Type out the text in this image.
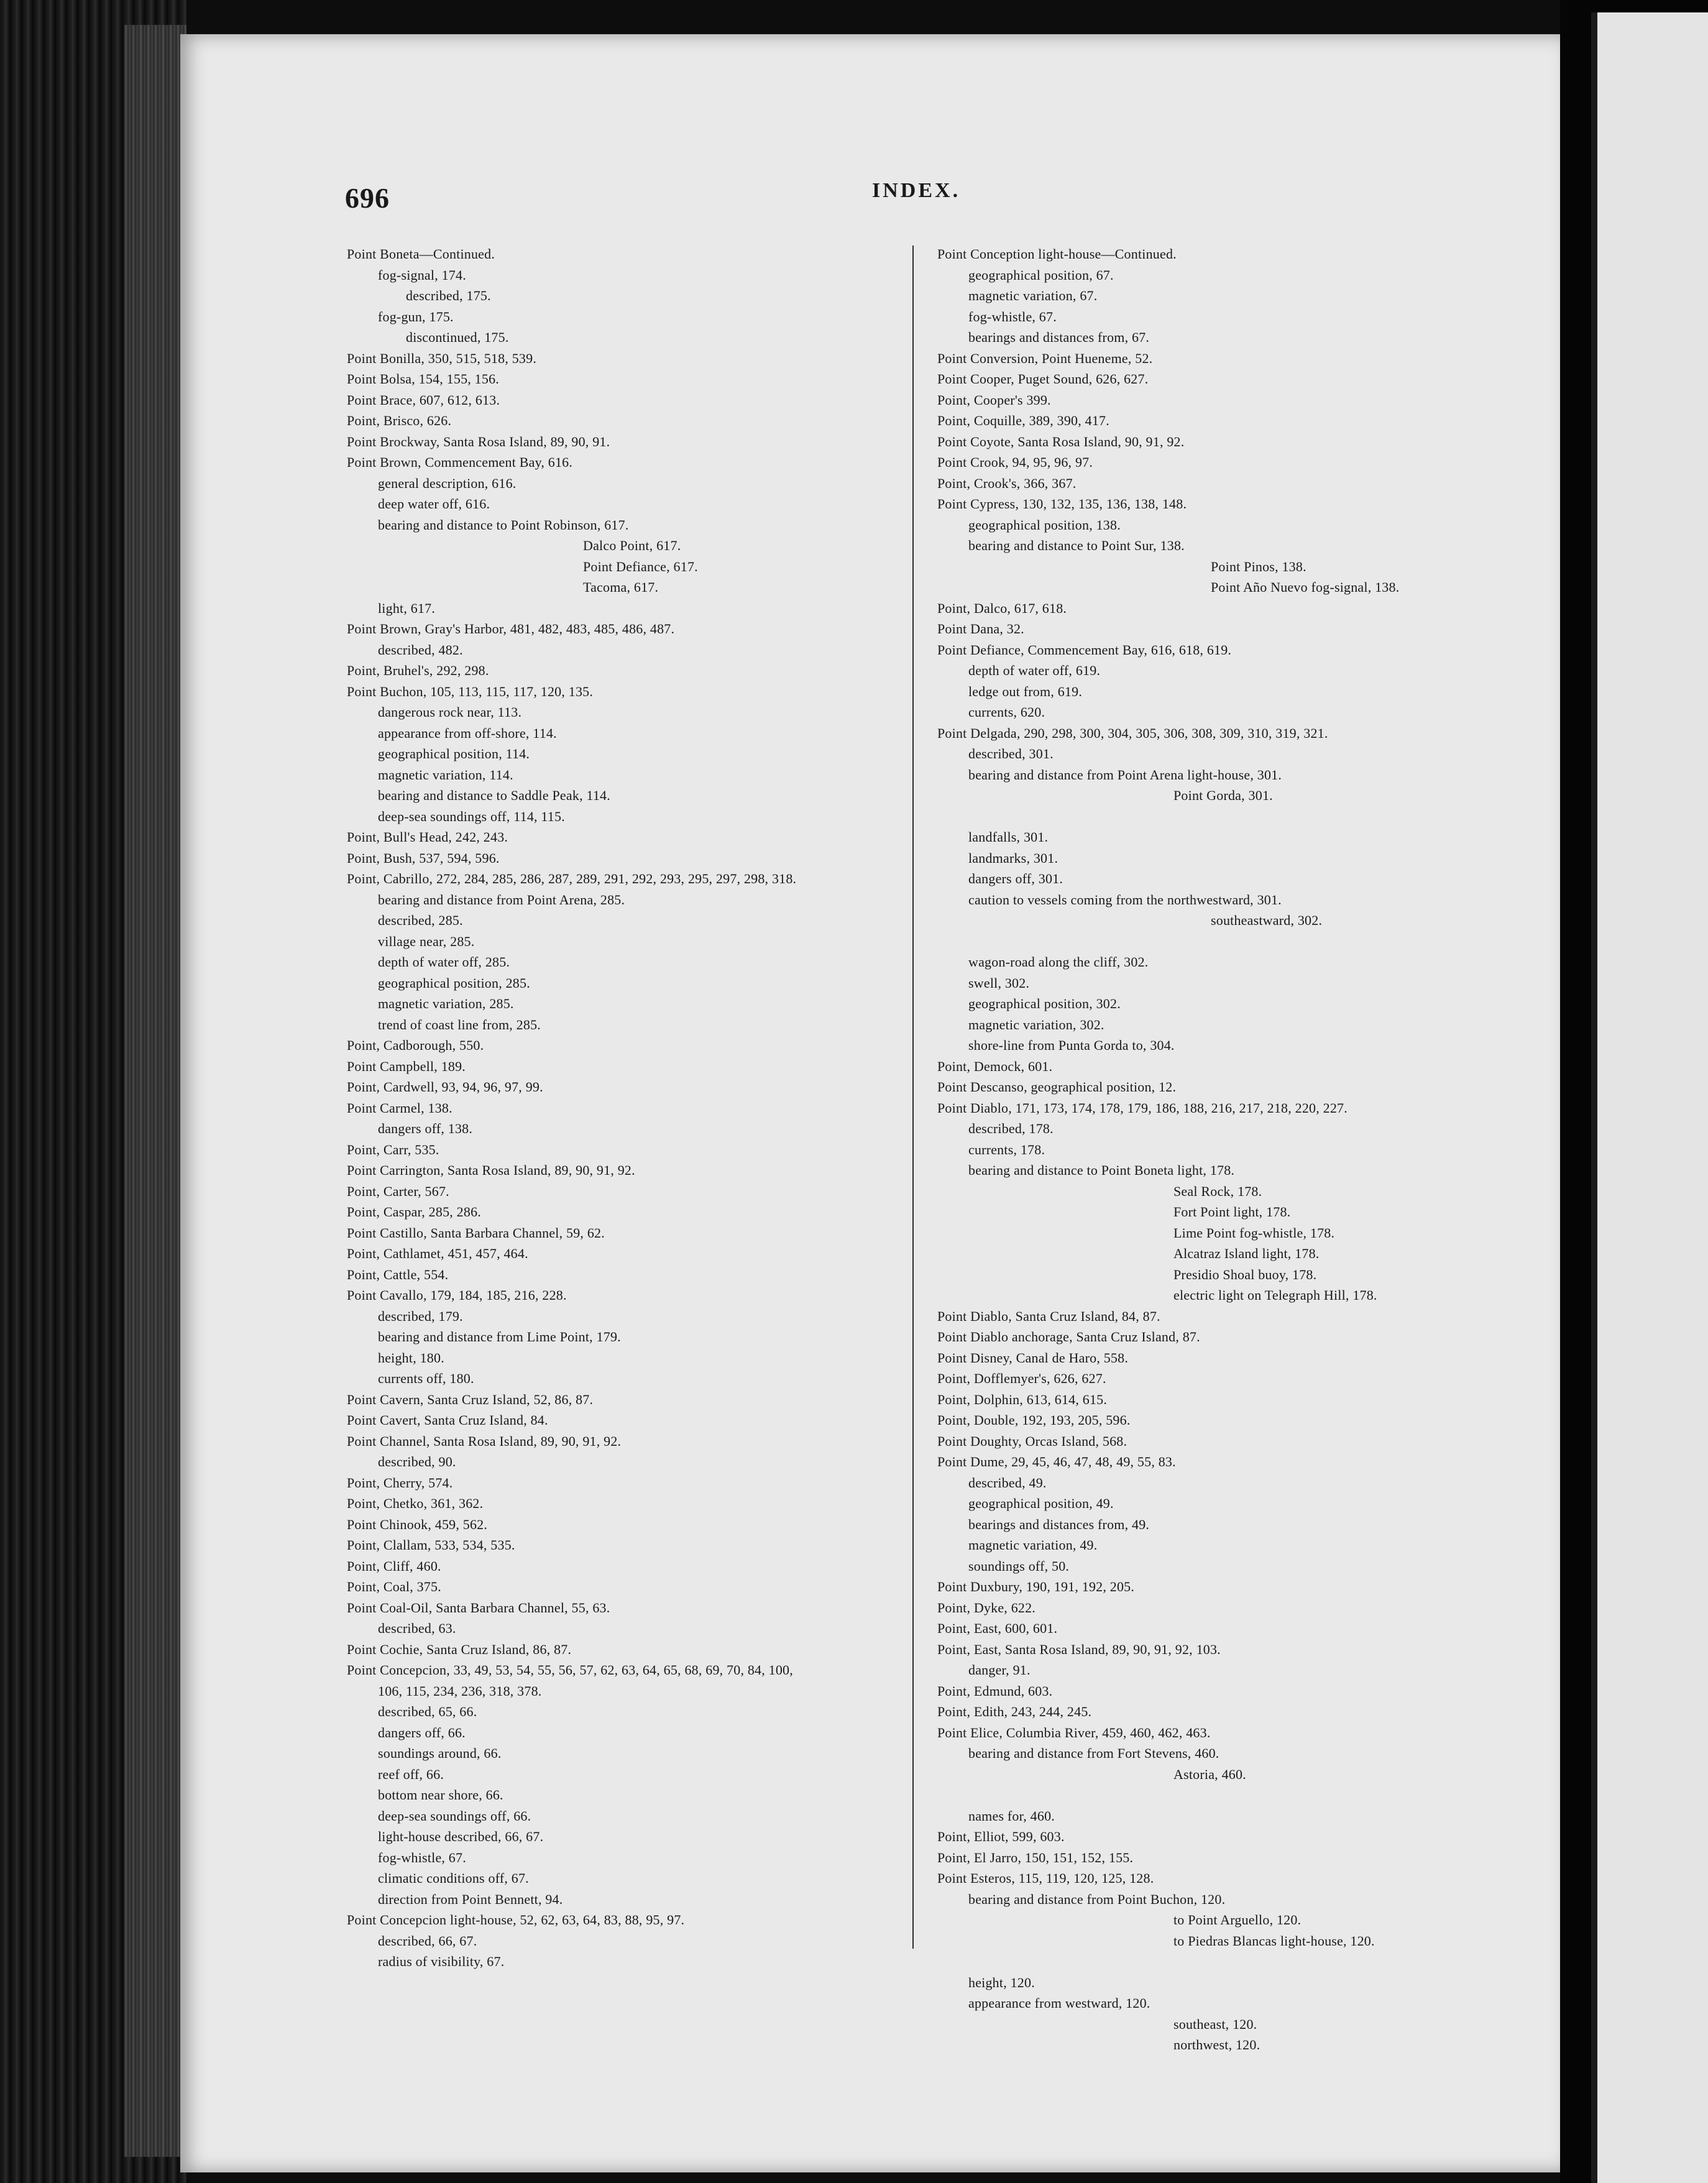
696	INDEX.
Point Boneta—Continued.
fog-signal, 174.
described, 175.
fog-gun, 175.
discontinued, 175.
Point Bonilla, 350, 515, 518, 539.
Point Bolsa, 154, 155, 156.
Point Brace, 607, 612, 613.
Point, Brisco, 626.
Point Brockway, Santa Rosa Island, 89, 90, 91.
Point Brown, Commencement Bay, 616.
general description, 616.
deep water off, 616.
bearing and distance to Point Robinson, 617.
Dalco Point, 617.
Point Defiance, 617.
Tacoma, 617.
light, 617.
Point Brown, Gray's Harbor, 481, 482, 483, 485, 486, 487.
described, 482.
Point, Bruhel's, 292, 298.
Point Buchon, 105, 113, 115, 117, 120, 135.
dangerous rock near, 113.
appearance from off-shore, 114.
geographical position, 114.
magnetic variation, 114.
bearing and distance to Saddle Peak, 114.
deep-sea soundings off, 114, 115.
Point, Bull's Head, 242, 243.
Point, Bush, 537, 594, 596.
Point, Cabrillo, 272, 284, 285, 286, 287, 289, 291, 292, 293, 295, 297, 298, 318.
bearing and distance from Point Arena, 285.
described, 285.
village near, 285.
depth of water off, 285.
geographical position, 285.
magnetic variation, 285.
trend of coast line from, 285.
Point, Cadborough, 550.
Point Campbell, 189.
Point, Cardwell, 93, 94, 96, 97, 99.
Point Carmel, 138.
dangers off, 138.
Point, Carr, 535.
Point Carrington, Santa Rosa Island, 89, 90, 91, 92.
Point, Carter, 567.
Point, Caspar, 285, 286.
Point Castillo, Santa Barbara Channel, 59, 62.
Point, Cathlamet, 451, 457, 464.
Point, Cattle, 554.
Point Cavallo, 179, 184, 185, 216, 228.
described, 179.
bearing and distance from Lime Point, 179.
height, 180.
currents off, 180.
Point Cavern, Santa Cruz Island, 52, 86, 87.
Point Cavert, Santa Cruz Island, 84.
Point Channel, Santa Rosa Island, 89, 90, 91, 92.
described, 90.
Point, Cherry, 574.
Point, Chetko, 361, 362.
Point Chinook, 459, 562.
Point, Clallam, 533, 534, 535.
Point, Cliff, 460.
Point, Coal, 375.
Point Coal-Oil, Santa Barbara Channel, 55, 63.
described, 63.
Point Cochie, Santa Cruz Island, 86, 87.
Point Concepcion, 33, 49, 53, 54, 55, 56, 57, 62, 63, 64, 65, 68, 69, 70, 84, 100,
106, 115, 234, 236, 318, 378.
described, 65, 66.
dangers off, 66.
soundings around, 66.
reef off, 66.
bottom near shore, 66.
deep-sea soundings off, 66.
light-house described, 66, 67.
fog-whistle, 67.
climatic conditions off, 67.
direction from Point Bennett, 94.
Point Concepcion light-house, 52, 62, 63, 64, 83, 88, 95, 97.
described, 66, 67.
radius of visibility, 67.
Point Conception light-house—Continued.
geographical position, 67.
magnetic variation, 67.
fog-whistle, 67.
bearings and distances from, 67.
Point Conversion, Point Hueneme, 52.
Point Cooper, Puget Sound, 626, 627.
Point, Cooper's 399.
Point, Coquille, 389, 390, 417.
Point Coyote, Santa Rosa Island, 90, 91, 92.
Point Crook, 94, 95, 96, 97.
Point, Crook's, 366, 367.
Point Cypress, 130, 132, 135, 136, 138, 148.
geographical position, 138.
bearing and distance to Point Sur, 138.
Point Pinos, 138.
Point Año Nuevo fog-signal, 138.
Point, Dalco, 617, 618.
Point Dana, 32.
Point Defiance, Commencement Bay, 616, 618, 619.
depth of water off, 619.
ledge out from, 619.
currents, 620.
Point Delgada, 290, 298, 300, 304, 305, 306, 308, 309, 310, 319, 321.
described, 301.
bearing and distance from Point Arena light-house, 301.
Point Gorda, 301.
landfalls, 301.
landmarks, 301.
dangers off, 301.
caution to vessels coming from the northwestward, 301.
southeastward, 302.
wagon-road along the cliff, 302.
swell, 302.
geographical position, 302.
magnetic variation, 302.
shore-line from Punta Gorda to, 304.
Point, Demock, 601.
Point Descanso, geographical position, 12.
Point Diablo, 171, 173, 174, 178, 179, 186, 188, 216, 217, 218, 220, 227.
described, 178.
currents, 178.
bearing and distance to Point Boneta light, 178.
Seal Rock, 178.
Fort Point light, 178.
Lime Point fog-whistle, 178.
Alcatraz Island light, 178.
Presidio Shoal buoy, 178.
electric light on Telegraph Hill, 178.
Point Diablo, Santa Cruz Island, 84, 87.
Point Diablo anchorage, Santa Cruz Island, 87.
Point Disney, Canal de Haro, 558.
Point, Dofflemyer's, 626, 627.
Point, Dolphin, 613, 614, 615.
Point, Double, 192, 193, 205, 596.
Point Doughty, Orcas Island, 568.
Point Dume, 29, 45, 46, 47, 48, 49, 55, 83.
described, 49.
geographical position, 49.
bearings and distances from, 49.
magnetic variation, 49.
soundings off, 50.
Point Duxbury, 190, 191, 192, 205.
Point, Dyke, 622.
Point, East, 600, 601.
Point, East, Santa Rosa Island, 89, 90, 91, 92, 103.
danger, 91.
Point, Edmund, 603.
Point, Edith, 243, 244, 245.
Point Elice, Columbia River, 459, 460, 462, 463.
bearing and distance from Fort Stevens, 460.
Astoria, 460.
names for, 460.
Point, Elliot, 599, 603.
Point, El Jarro, 150, 151, 152, 155.
Point Esteros, 115, 119, 120, 125, 128.
bearing and distance from Point Buchon, 120.
to Point Arguello, 120.
to Piedras Blancas light-house, 120.
height, 120.
appearance from westward, 120.
southeast, 120.
northwest, 120.
